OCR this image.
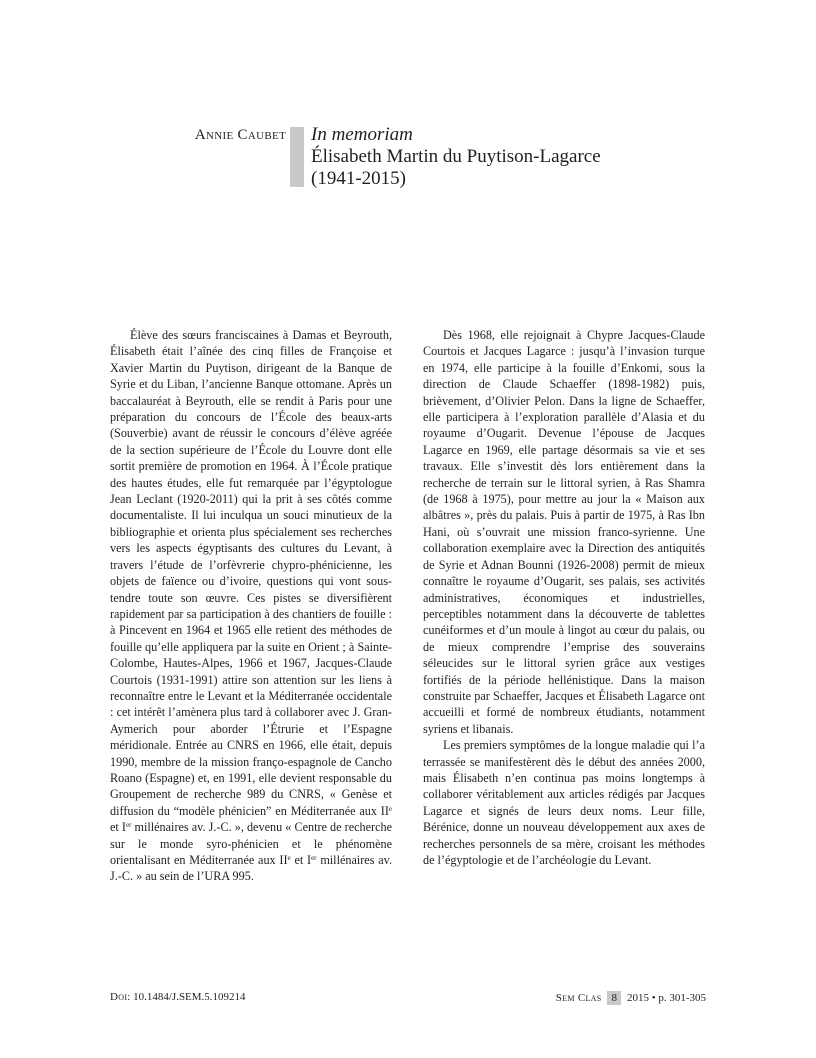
Annie Caubet In memoriam
Élisabeth Martin du Puytison-Lagarce
(1941-2015)

Élève des sœurs franciscaines à Damas et Beyrouth, Élisabeth était l’aînée des cinq filles de Françoise et Xavier Martin du Puytison, dirigeant de la Banque de Syrie et du Liban, l’ancienne Banque ottomane. Après un baccalauréat à Beyrouth, elle se rendit à Paris pour une préparation du concours de l’École des beaux-arts (Souverbie) avant de réussir le concours d’élève agréée de la section supérieure de l’École du Louvre dont elle sortit première de promotion en 1964. À l’École pratique des hautes études, elle fut remarquée par l’égyptologue Jean Leclant (1920-2011) qui la prit à ses côtés comme documentaliste. Il lui inculqua un souci minutieux de la bibliographie et orienta plus spécialement ses recherches vers les aspects égyptisants des cultures du Levant, à travers l’étude de l’orfèvrerie chypro-phénicienne, les objets de faïence ou d’ivoire, questions qui vont sous-tendre toute son œuvre. Ces pistes se diversifièrent rapidement par sa participation à des chantiers de fouille : à Pincevent en 1964 et 1965 elle retient des méthodes de fouille qu’elle appliquera par la suite en Orient ; à Sainte-Colombe, Hautes-Alpes, 1966 et 1967, Jacques-Claude Courtois (1931-1991) attire son attention sur les liens à reconnaître entre le Levant et la Méditerranée occidentale : cet intérêt l’amènera plus tard à collaborer avec J. Gran-Aymerich pour aborder l’Étrurie et l’Espagne méridionale. Entrée au CNRS en 1966, elle était, depuis 1990, membre de la mission franço-espagnole de Cancho Roano (Espagne) et, en 1991, elle devient responsable du Groupement de recherche 989 du CNRS, « Genèse et diffusion du “modèle phénicien” en Méditerranée aux IIe et Ier millénaires av. J.-C. », devenu « Centre de recherche sur le monde syro-phénicien et le phénomène orientalisant en Méditerranée aux IIe et Ier millénaires av. J.-C. » au sein de l’URA 995.

Dès 1968, elle rejoignait à Chypre Jacques-Claude Courtois et Jacques Lagarce : jusqu’à l’invasion turque en 1974, elle participe à la fouille d’Enkomi, sous la direction de Claude Schaeffer (1898-1982) puis, brièvement, d’Olivier Pelon. Dans la ligne de Schaeffer, elle participera à l’exploration parallèle d’Alasia et du royaume d’Ougarit. Devenue l’épouse de Jacques Lagarce en 1969, elle partage désormais sa vie et ses travaux. Elle s’investit dès lors entièrement dans la recherche de terrain sur le littoral syrien, à Ras Shamra (de 1968 à 1975), pour mettre au jour la « Maison aux albâtres », près du palais. Puis à partir de 1975, à Ras Ibn Hani, où s’ouvrait une mission franco-syrienne. Une collaboration exemplaire avec la Direction des antiquités de Syrie et Adnan Bounni (1926-2008) permit de mieux connaître le royaume d’Ougarit, ses palais, ses activités administratives, économiques et industrielles, perceptibles notamment dans la découverte de tablettes cunéiformes et d’un moule à lingot au cœur du palais, ou de mieux comprendre l’emprise des souverains séleucides sur le littoral syrien grâce aux vestiges fortifiés de la période hellénistique. Dans la maison construite par Schaeffer, Jacques et Élisabeth Lagarce ont accueilli et formé de nombreux étudiants, notamment syriens et libanais.

Les premiers symptômes de la longue maladie qui l’a terrassée se manifestèrent dès le début des années 2000, mais Élisabeth n’en continua pas moins longtemps à collaborer véritablement aux articles rédigés par Jacques Lagarce et signés de leurs deux noms. Leur fille, Bérénice, donne un nouveau développement aux axes de recherches personnels de sa mère, croisant les méthodes de l’égyptologie et de l’archéologie du Levant.

Doi: 10.1484/J.SEM.5.109214	Sem Clas 8 2015 • p. 301-305
